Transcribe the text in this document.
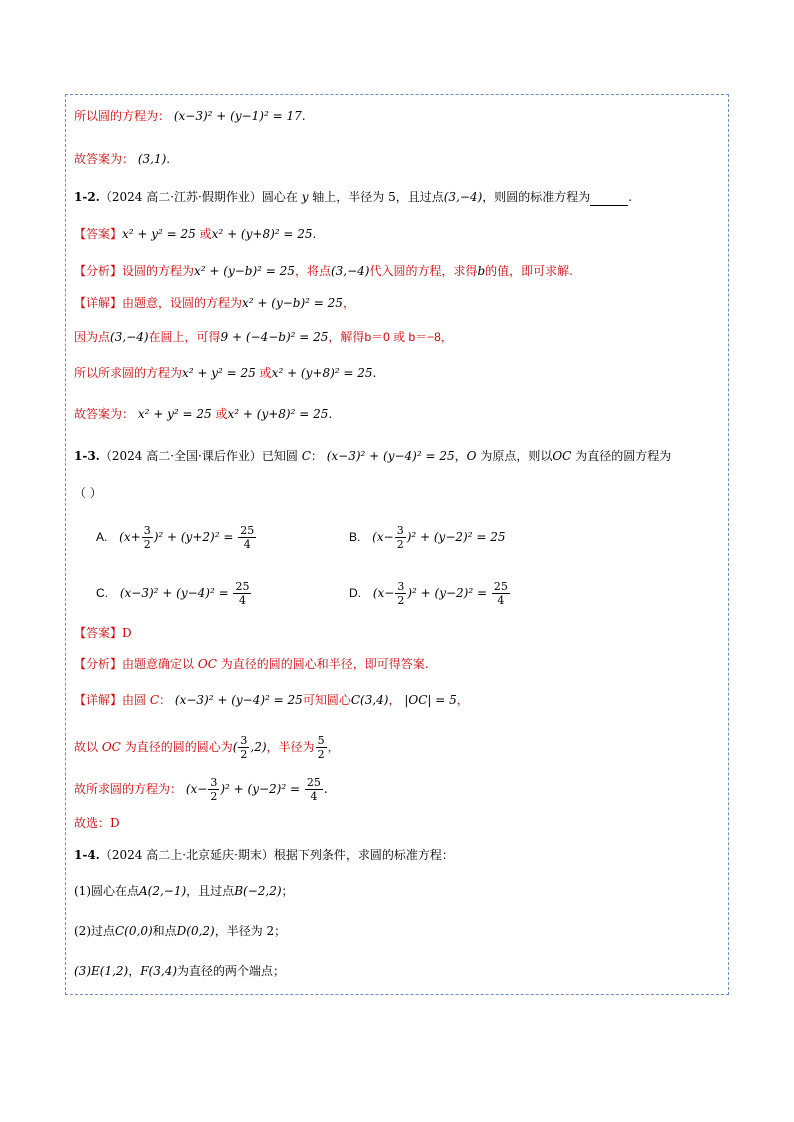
所以圆的方程为： (x−3)² + (y−1)² = 17.
故答案为： (3,1).
1-2.（2024 高二·江苏·假期作业）圆心在 y 轴上，半径为 5，且过点(3,−4)，则圆的标准方程为	.
【答案】x² + y² = 25 或x² + (y+8)² = 25.
【分析】设圆的方程为x² + (y−b)² = 25，将点(3,−4)代入圆的方程，求得b的值，即可求解.
【详解】由题意，设圆的方程为x² + (y−b)² = 25，
因为点(3,−4)在圆上，可得9 + (−4−b)² = 25，解得b＝0 或 b＝−8，
所以所求圆的方程为x² + y² = 25 或x² + (y+8)² = 25.
故答案为： x² + y² = 25 或x² + (y+8)² = 25.
1-3.（2024 高二·全国·课后作业）已知圆 C： (x−3)² + (y−4)² = 25，O 为原点，则以OC 为直径的圆方程为
（ ）
A. $(x+ \frac{3}{2} )^2 + (y+2)^2 = \frac{25}{4}$	B. $(x- \frac{3}{2} )^2 + (y-2)^2 = 25$
C. $(x-3)^2 + (y-4)^2 = \frac{25}{4}$	D. $(x- \frac{3}{2} )^2 + (y-2)^2 = \frac{25}{4}$
【答案】D
【分析】由题意确定以 OC 为直径的圆的圆心和半径，即可得答案.
【详解】由圆 C： (x−3)² + (y−4)² = 25可知圆心C(3,4)， |OC| = 5，
故以 OC 为直径的圆的圆心为( $\frac{3}{2} ,2$)，半径为 $\frac{5}{2}$ ，
故所求圆的方程为： $(x- \frac{3}{2} )^2 + (y-2)^2 = \frac{25}{4}$ .
故选：D
1-4.（2024 高二上·北京延庆·期末）根据下列条件，求圆的标准方程：
(1)圆心在点A(2,−1)，且过点B(−2,2)；
(2)过点C(0,0)和点D(0,2)，半径为 2；
(3)E(1,2)，F(3,4)为直径的两个端点；
